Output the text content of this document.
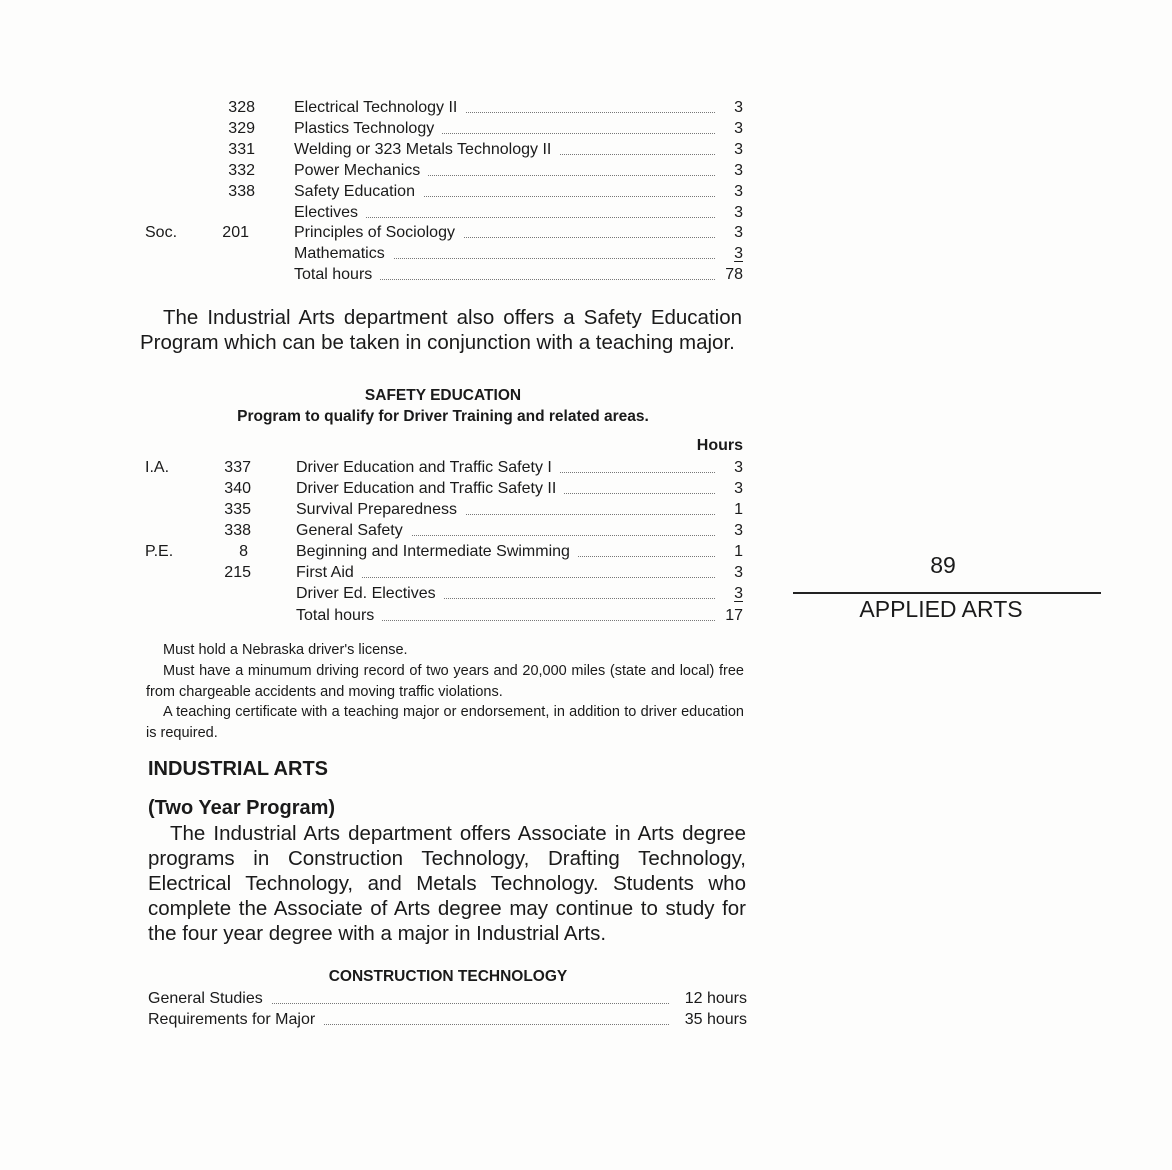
328 Electrical Technology II	3
329 Plastics Technology	3
331 Welding or 323 Metals Technology II	3
332 Power Mechanics	3
338 Safety Education	3
Electives	3
Soc.	201	Principles of Sociology	3
Mathematics	3
Total hours	78
The Industrial Arts department also offers a Safety Education Program which can be taken in conjunction with a teaching major.
SAFETY EDUCATION
Program to qualify for Driver Training and related areas.
Hours
I.A.	337	Driver Education and Traffic Safety I	3
340	Driver Education and Traffic Safety II	3
335	Survival Preparedness	1
338	General Safety	3
P.E.	8	Beginning and Intermediate Swimming	1
215	First Aid	3
Driver Ed. Electives	3
Total hours	17
Must hold a Nebraska driver's license.
Must have a minumum driving record of two years and 20,000 miles (state and local) free from chargeable accidents and moving traffic violations.
A teaching certificate with a teaching major or endorsement, in addition to driver education is required.
INDUSTRIAL ARTS
(Two Year Program)
The Industrial Arts department offers Associate in Arts degree programs in Construction Technology, Drafting Technology, Electrical Technology, and Metals Technology. Students who complete the Associate of Arts degree may continue to study for the four year degree with a major in Industrial Arts.
CONSTRUCTION TECHNOLOGY
General Studies	12 hours
Requirements for Major	35 hours
89
APPLIED ARTS
